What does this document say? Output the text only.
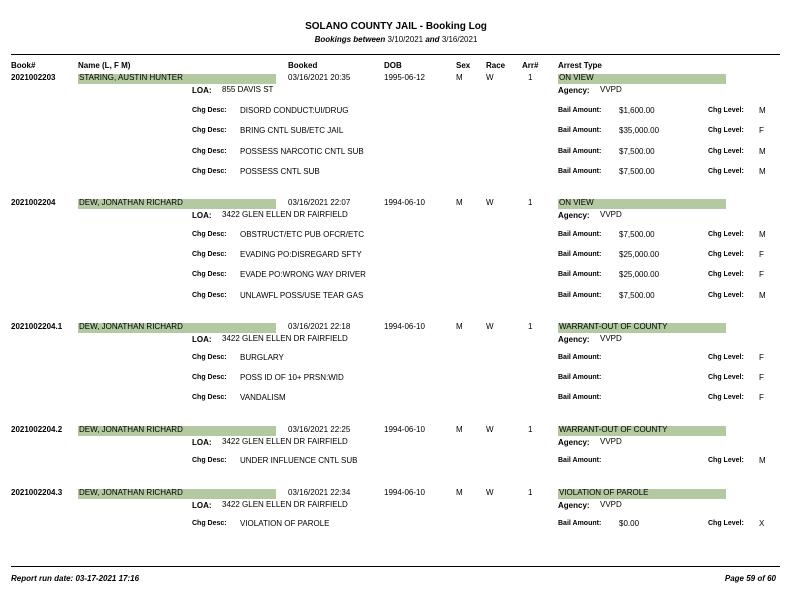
SOLANO COUNTY JAIL - Booking Log
Bookings between 3/10/2021 and 3/16/2021
Book#	Name (L, F M)	Booked	DOB	Sex Race Arr# Arrest Type
2021002203	STARING, AUSTIN HUNTER	03/16/2021 20:35	1995-06-12	M	W	1	ON VIEW
LOA: 855 DAVIS ST	Agency: VVPD
Chg Desc: DISORD CONDUCT:UI/DRUG	Bail Amount: $1,600.00	Chg Level: M
Chg Desc: BRING CNTL SUB/ETC JAIL	Bail Amount: $35,000.00	Chg Level: F
Chg Desc: POSSESS NARCOTIC CNTL SUB	Bail Amount: $7,500.00	Chg Level: M
Chg Desc: POSSESS CNTL SUB	Bail Amount: $7,500.00	Chg Level: M
2021002204	DEW, JONATHAN RICHARD	03/16/2021 22:07	1994-06-10	M	W	1	ON VIEW
LOA: 3422 GLEN ELLEN DR FAIRFIELD	Agency: VVPD
Chg Desc: OBSTRUCT/ETC PUB OFCR/ETC	Bail Amount: $7,500.00	Chg Level: M
Chg Desc: EVADING PO:DISREGARD SFTY	Bail Amount: $25,000.00	Chg Level: F
Chg Desc: EVADE PO:WRONG WAY DRIVER	Bail Amount: $25,000.00	Chg Level: F
Chg Desc: UNLAWFL POSS/USE TEAR GAS	Bail Amount: $7,500.00	Chg Level: M
2021002204.1 DEW, JONATHAN RICHARD	03/16/2021 22:18	1994-06-10	M	W	1	WARRANT-OUT OF COUNTY
LOA: 3422 GLEN ELLEN DR FAIRFIELD	Agency: VVPD
Chg Desc: BURGLARY	Bail Amount:	Chg Level: F
Chg Desc: POSS ID OF 10+ PRSN:WID	Bail Amount:	Chg Level: F
Chg Desc: VANDALISM	Bail Amount:	Chg Level: F
2021002204.2 DEW, JONATHAN RICHARD	03/16/2021 22:25	1994-06-10	M	W	1	WARRANT-OUT OF COUNTY
LOA: 3422 GLEN ELLEN DR FAIRFIELD	Agency: VVPD
Chg Desc: UNDER INFLUENCE CNTL SUB	Bail Amount:	Chg Level: M
2021002204.3 DEW, JONATHAN RICHARD	03/16/2021 22:34	1994-06-10	M	W	1	VIOLATION OF PAROLE
LOA: 3422 GLEN ELLEN DR FAIRFIELD	Agency: VVPD
Chg Desc: VIOLATION OF PAROLE	Bail Amount: $0.00	Chg Level: X
Report run date: 03-17-2021 17:16	Page 59 of 60
